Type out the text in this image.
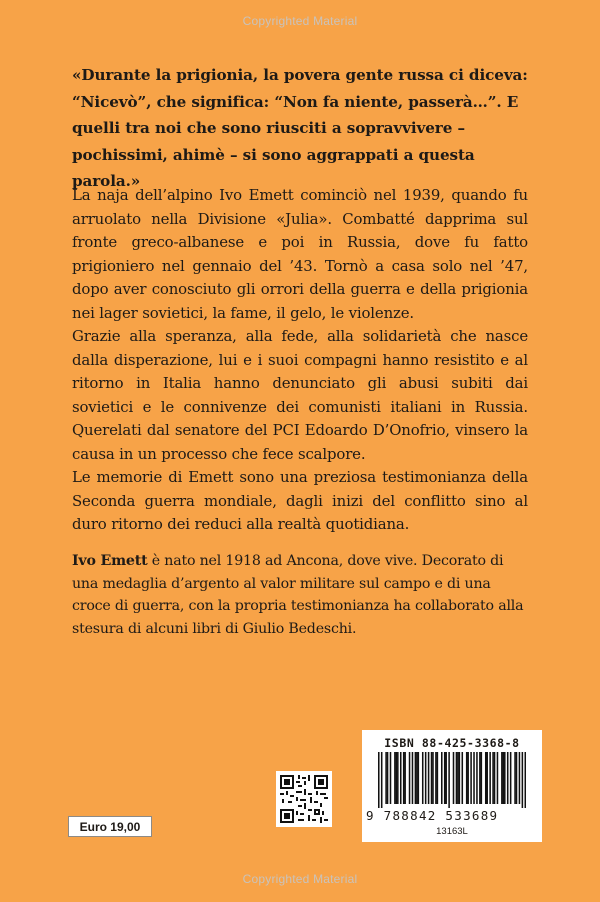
Copyrighted Material
«Durante la prigionia, la povera gente russa ci diceva: “Nicevò”, che significa: “Non fa niente, passerà…”. E quelli tra noi che sono riusciti a sopravvivere – pochissimi, ahimè – si sono aggrappati a questa parola.»

La naja dell’alpino Ivo Emett cominciò nel 1939, quando fu arruolato nella Divisione «Julia». Combatté dapprima sul fronte greco-albanese e poi in Russia, dove fu fatto prigioniero nel gennaio del ’43. Tornò a casa solo nel ’47, dopo aver conosciuto gli orrori della guerra e della prigionia nei lager sovietici, la fame, il gelo, le violenze.

Grazie alla speranza, alla fede, alla solidarietà che nasce dalla disperazione, lui e i suoi compagni hanno resistito e al ritorno in Italia hanno denunciato gli abusi subiti dai sovietici e le connivenze dei comunisti italiani in Russia. Querelati dal senatore del PCI Edoardo D’Onofrio, vinsero la causa in un processo che fece scalpore.

Le memorie di Emett sono una preziosa testimonianza della Seconda guerra mondiale, dagli inizi del conflitto sino al duro ritorno dei reduci alla realtà quotidiana.

Ivo Emett è nato nel 1918 ad Ancona, dove vive. Decorato di una medaglia d’argento al valor militare sul campo e di una croce di guerra, con la propria testimonianza ha collaborato alla stesura di alcuni libri di Giulio Bedeschi.

Euro 19,00
ISBN 88-425-3368-8
9 788842 533689
13163L
Copyrighted Material
